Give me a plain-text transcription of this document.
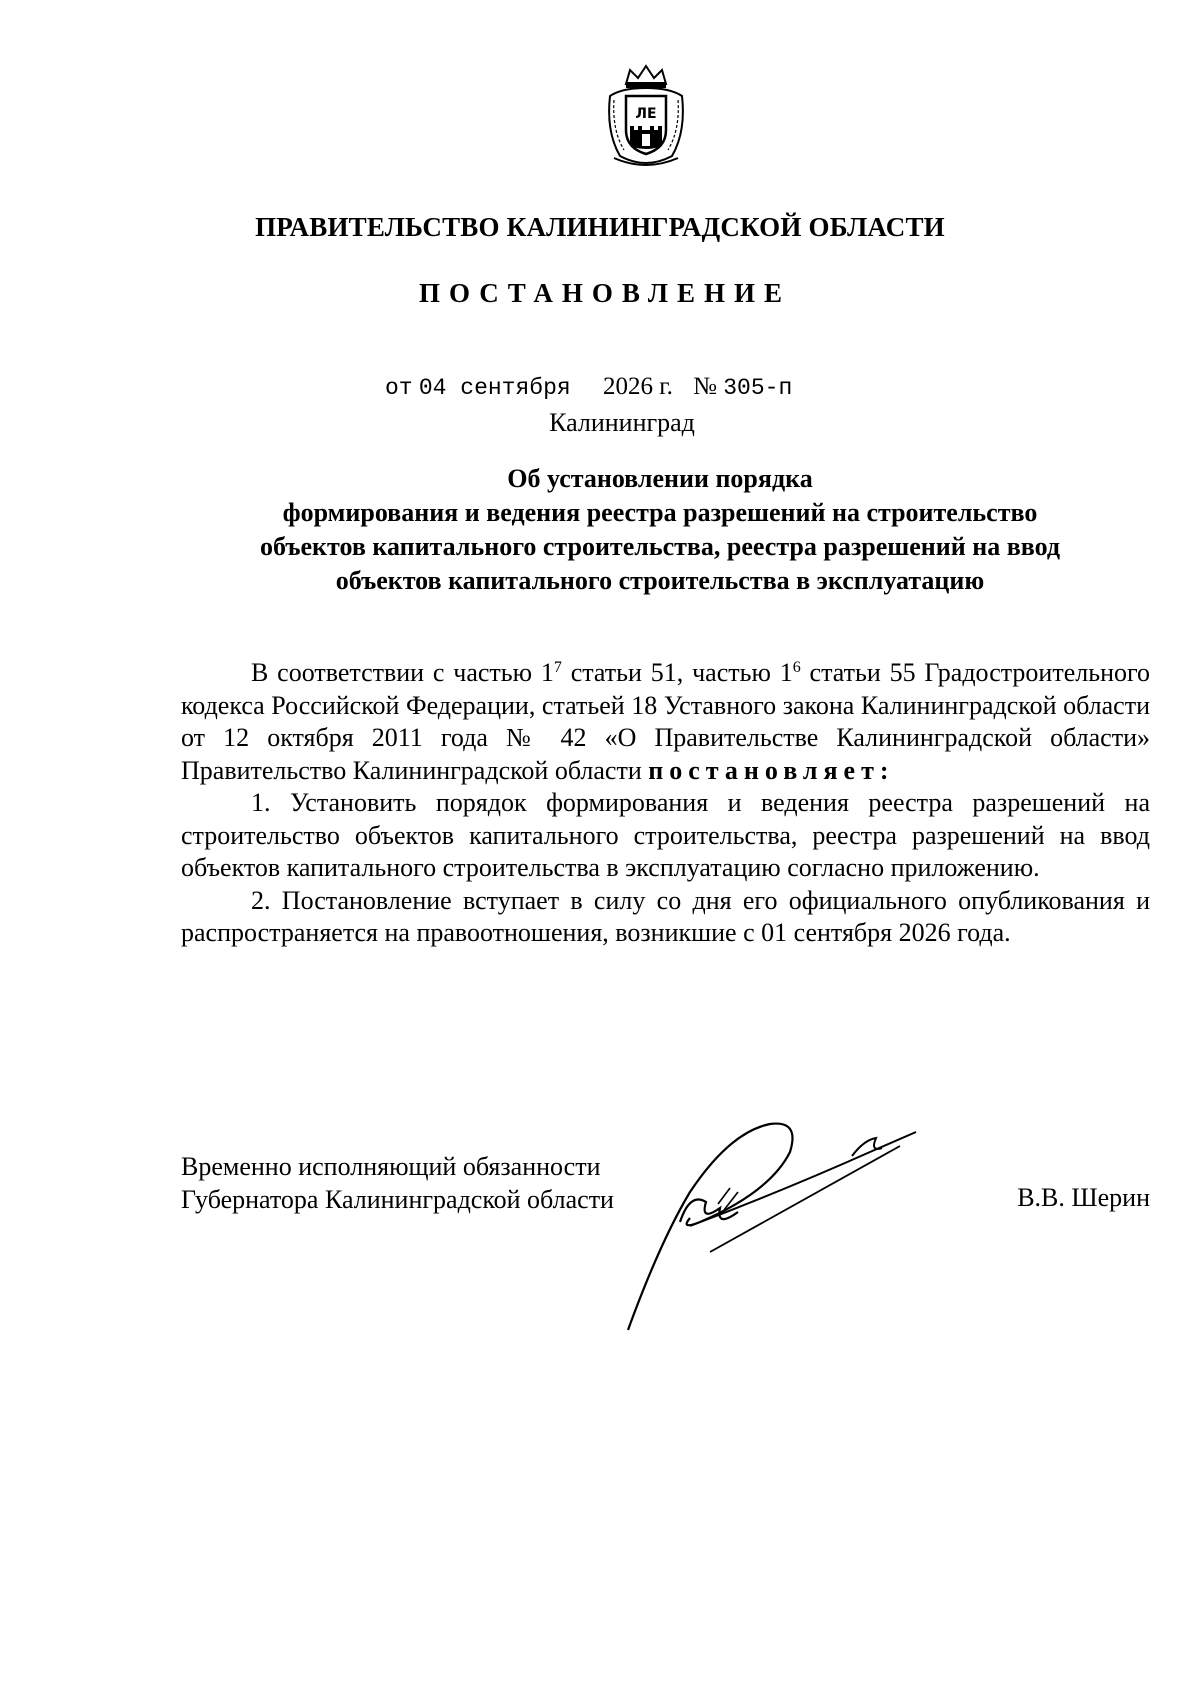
ЛЕ
ПРАВИТЕЛЬСТВО КАЛИНИНГРАДСКОЙ ОБЛАСТИ
ПОСТАНОВЛЕНИЕ
от 04 сентября 2026 г. № 305-п
Калининград
Об установлении порядка
формирования и ведения реестра разрешений на строительство
объектов капитального строительства, реестра разрешений на ввод
объектов капитального строительства в эксплуатацию

В соответствии с частью $1^7$ статьи 51, частью $1^6$ статьи 55 Градостроительного кодекса Российской Федерации, статьей 18 Уставного закона Калининградской области от 12 октября 2011 года № 42 «О Правительстве Калининградской области» Правительство Калининградской области постановляет:

1. Установить порядок формирования и ведения реестра разрешений на строительство объектов капитального строительства, реестра разрешений на ввод объектов капитального строительства в эксплуатацию согласно приложению.

2. Постановление вступает в силу со дня его официального опубликования и распространяется на правоотношения, возникшие с 01 сентября 2026 года.

Временно исполняющий обязанности
Губернатора Калининградской области	В.В. Шерин
